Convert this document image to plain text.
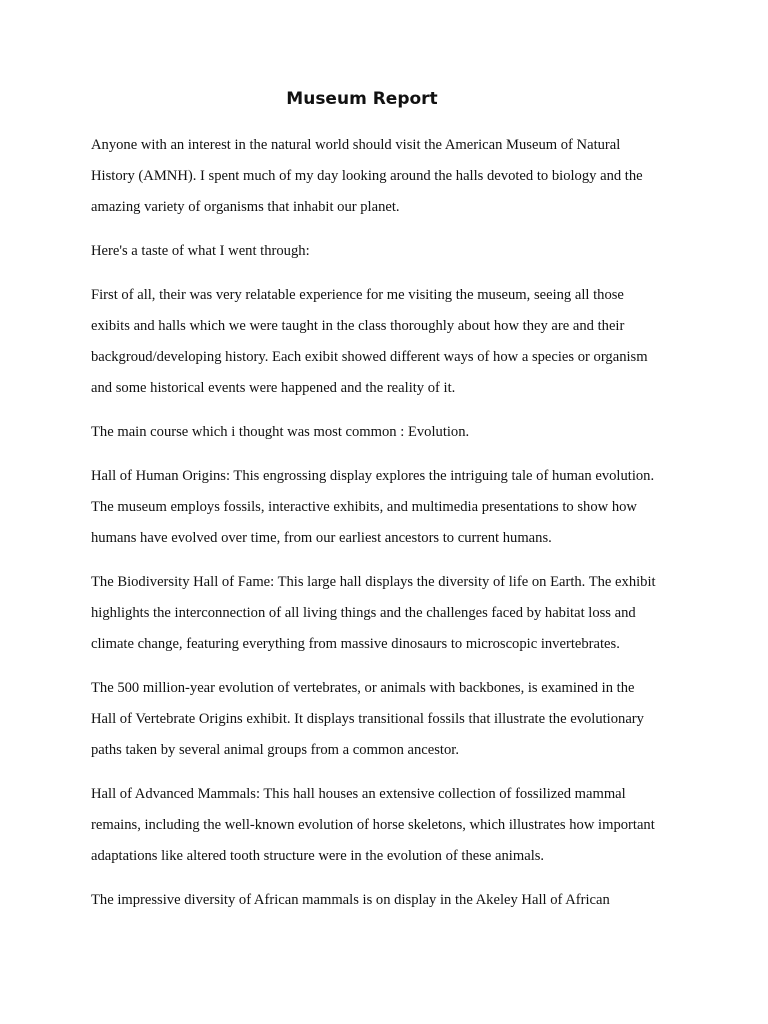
Museum Report

Anyone with an interest in the natural world should visit the American Museum of Natural
History (AMNH). I spent much of my day looking around the halls devoted to biology and the
amazing variety of organisms that inhabit our planet.

Here's a taste of what I went through:

First of all, their was very relatable experience for me visiting the museum, seeing all those
exibits and halls which we were taught in the class thoroughly about how they are and their
backgroud/developing history. Each exibit showed different ways of how a species or organism
and some historical events were happened and the reality of it.

The main course which i thought was most common : Evolution.

Hall of Human Origins: This engrossing display explores the intriguing tale of human evolution.
The museum employs fossils, interactive exhibits, and multimedia presentations to show how
humans have evolved over time, from our earliest ancestors to current humans.

The Biodiversity Hall of Fame: This large hall displays the diversity of life on Earth. The exhibit
highlights the interconnection of all living things and the challenges faced by habitat loss and
climate change, featuring everything from massive dinosaurs to microscopic invertebrates.

The 500 million-year evolution of vertebrates, or animals with backbones, is examined in the
Hall of Vertebrate Origins exhibit. It displays transitional fossils that illustrate the evolutionary
paths taken by several animal groups from a common ancestor.

Hall of Advanced Mammals: This hall houses an extensive collection of fossilized mammal
remains, including the well-known evolution of horse skeletons, which illustrates how important
adaptations like altered tooth structure were in the evolution of these animals.

The impressive diversity of African mammals is on display in the Akeley Hall of African
